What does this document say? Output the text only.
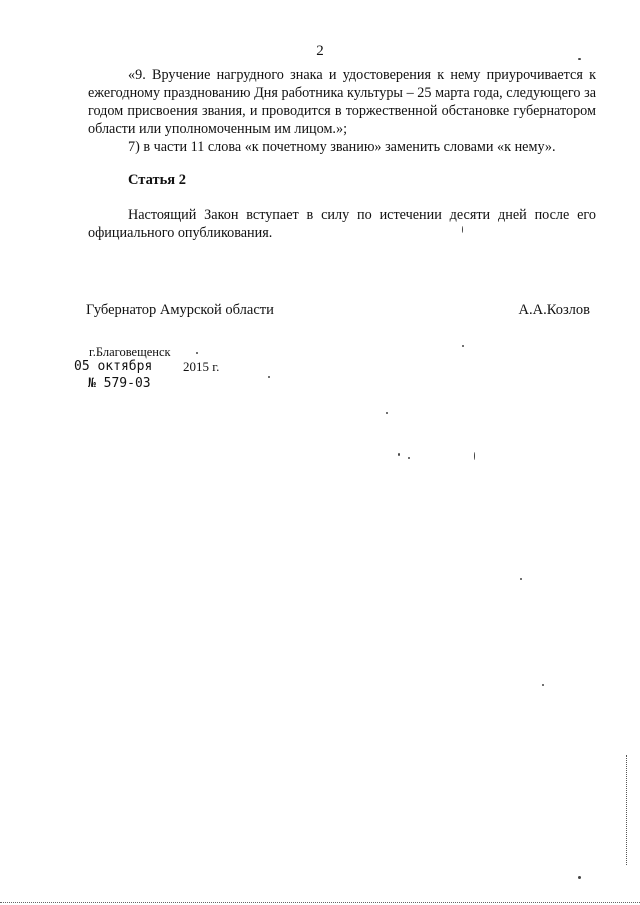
2

«9. Вручение нагрудного знака и удостоверения к нему приурочивается к ежегодному празднованию Дня работника культуры – 25 марта года, следующего за годом присвоения звания, и проводится в торжественной обстановке губернатором области или уполномоченным им лицом.»;

7) в части 11 слова «к почетному званию» заменить словами «к нему».

Статья 2

Настоящий Закон вступает в силу по истечении десяти дней после его официального опубликования.

Губернатор Амурской области	А.А.Козлов
г.Благовещенск
05 октября 2015 г.
№ 579-03
